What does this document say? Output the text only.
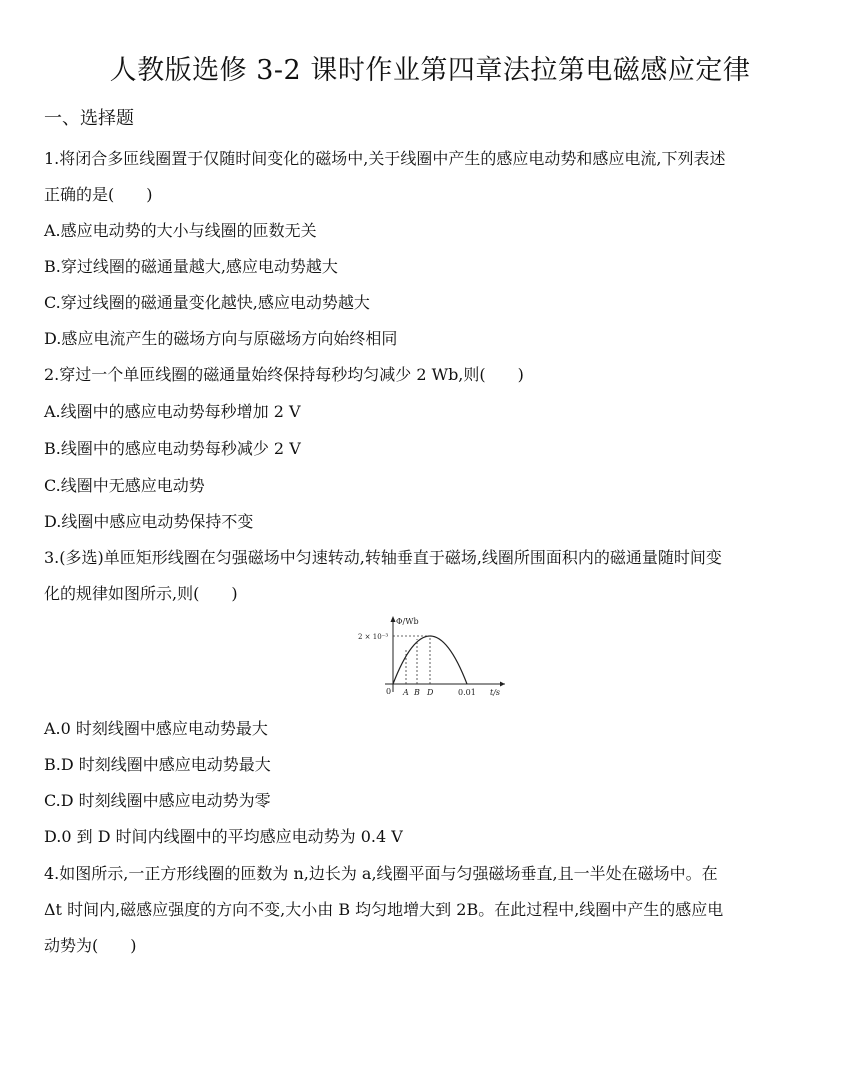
人教版选修 3-2 课时作业第四章法拉第电磁感应定律
一、选择题
1.将闭合多匝线圈置于仅随时间变化的磁场中,关于线圈中产生的感应电动势和感应电流,下列表述
正确的是(　　)
A.感应电动势的大小与线圈的匝数无关
B.穿过线圈的磁通量越大,感应电动势越大
C.穿过线圈的磁通量变化越快,感应电动势越大
D.感应电流产生的磁场方向与原磁场方向始终相同
2.穿过一个单匝线圈的磁通量始终保持每秒均匀减少 2 Wb,则(　　)
A.线圈中的感应电动势每秒增加 2 V
B.线圈中的感应电动势每秒减少 2 V
C.线圈中无感应电动势
D.线圈中感应电动势保持不变
3.(多选)单匝矩形线圈在匀强磁场中匀速转动,转轴垂直于磁场,线圈所围面积内的磁通量随时间变
化的规律如图所示,则(　　)
Φ/Wb
2 × 10⁻³
0 A B D	0.01 t/s
A.0 时刻线圈中感应电动势最大
B.D 时刻线圈中感应电动势最大
C.D 时刻线圈中感应电动势为零
D.0 到 D 时间内线圈中的平均感应电动势为 0.4 V
4.如图所示,一正方形线圈的匝数为 n,边长为 a,线圈平面与匀强磁场垂直,且一半处在磁场中。在
Δt 时间内,磁感应强度的方向不变,大小由 B 均匀地增大到 2B。在此过程中,线圈中产生的感应电
动势为(　　)
